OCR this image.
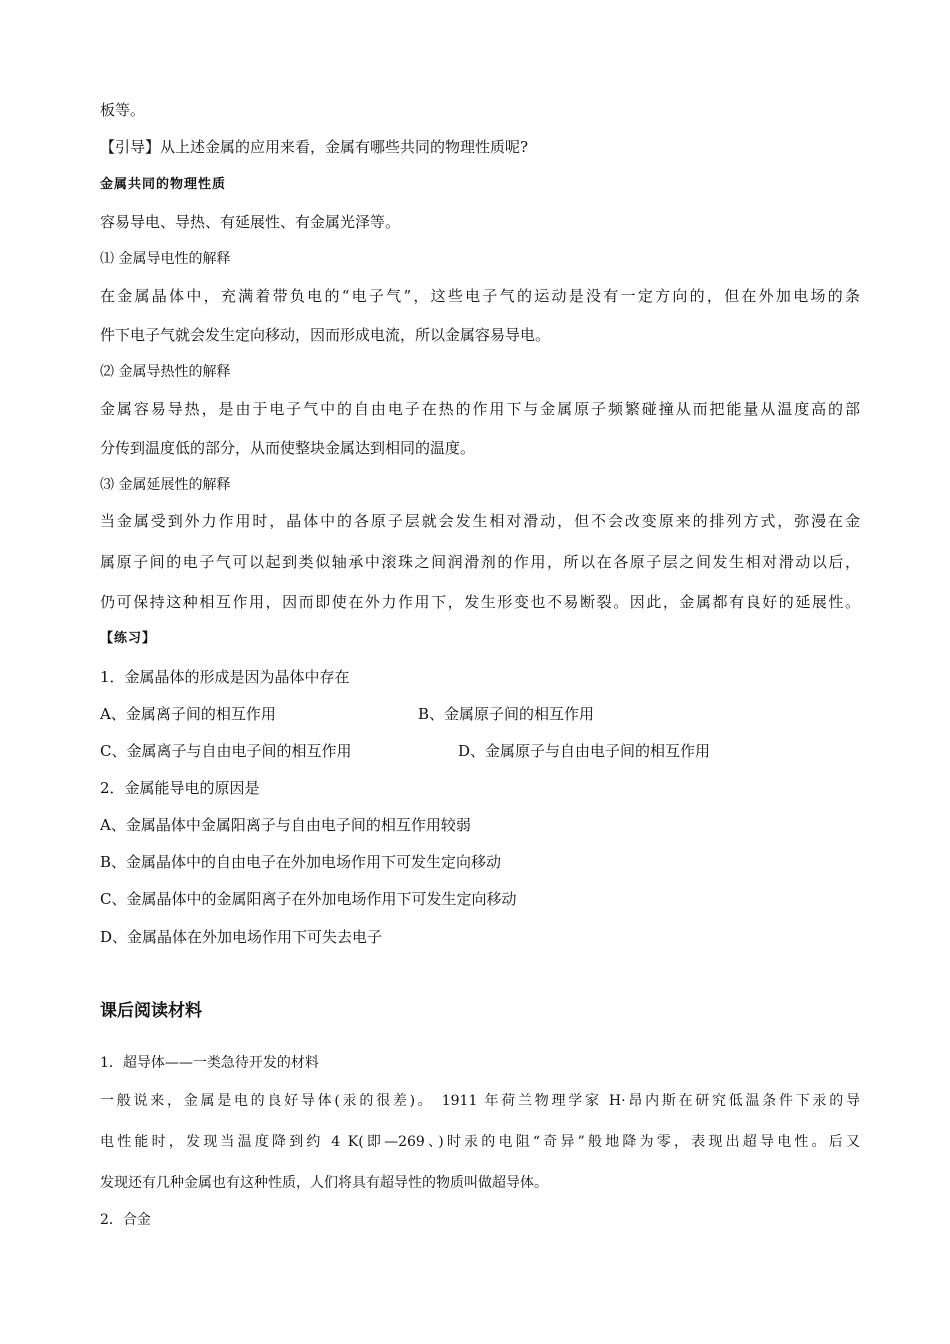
板等。
【引导】从上述金属的应用来看，金属有哪些共同的物理性质呢?
金属共同的物理性质
容易导电、导热、有延展性、有金属光泽等。
⑴ 金属导电性的解释
在金属晶体中，充满着带负电的“电子气”，这些电子气的运动是没有一定方向的，但在外加电场的条
件下电子气就会发生定向移动，因而形成电流，所以金属容易导电。
⑵ 金属导热性的解释
金属容易导热，是由于电子气中的自由电子在热的作用下与金属原子频繁碰撞从而把能量从温度高的部
分传到温度低的部分，从而使整块金属达到相同的温度。
⑶ 金属延展性的解释
当金属受到外力作用时，晶体中的各原子层就会发生相对滑动，但不会改变原来的排列方式，弥漫在金
属原子间的电子气可以起到类似轴承中滚珠之间润滑剂的作用，所以在各原子层之间发生相对滑动以后，
仍可保持这种相互作用，因而即使在外力作用下，发生形变也不易断裂。因此，金属都有良好的延展性。
【练习】
1．金属晶体的形成是因为晶体中存在
A、金属离子间的相互作用	B、金属原子间的相互作用
C、金属离子与自由电子间的相互作用	D、金属原子与自由电子间的相互作用
2．金属能导电的原因是
A、金属晶体中金属阳离子与自由电子间的相互作用较弱
B、金属晶体中的自由电子在外加电场作用下可发生定向移动
C、金属晶体中的金属阳离子在外加电场作用下可发生定向移动
D、金属晶体在外加电场作用下可失去电子
课后阅读材料
1．超导体——一类急待开发的材料
一般说来，金属是电的良好导体(汞的很差)。 1911 年荷兰物理学家 H·昂内斯在研究低温条件下汞的导
电性能时，发现当温度降到约 4 K(即—269、)时汞的电阻“奇异”般地降为零，表现出超导电性。后又
发现还有几种金属也有这种性质，人们将具有超导性的物质叫做超导体。
2．合金
